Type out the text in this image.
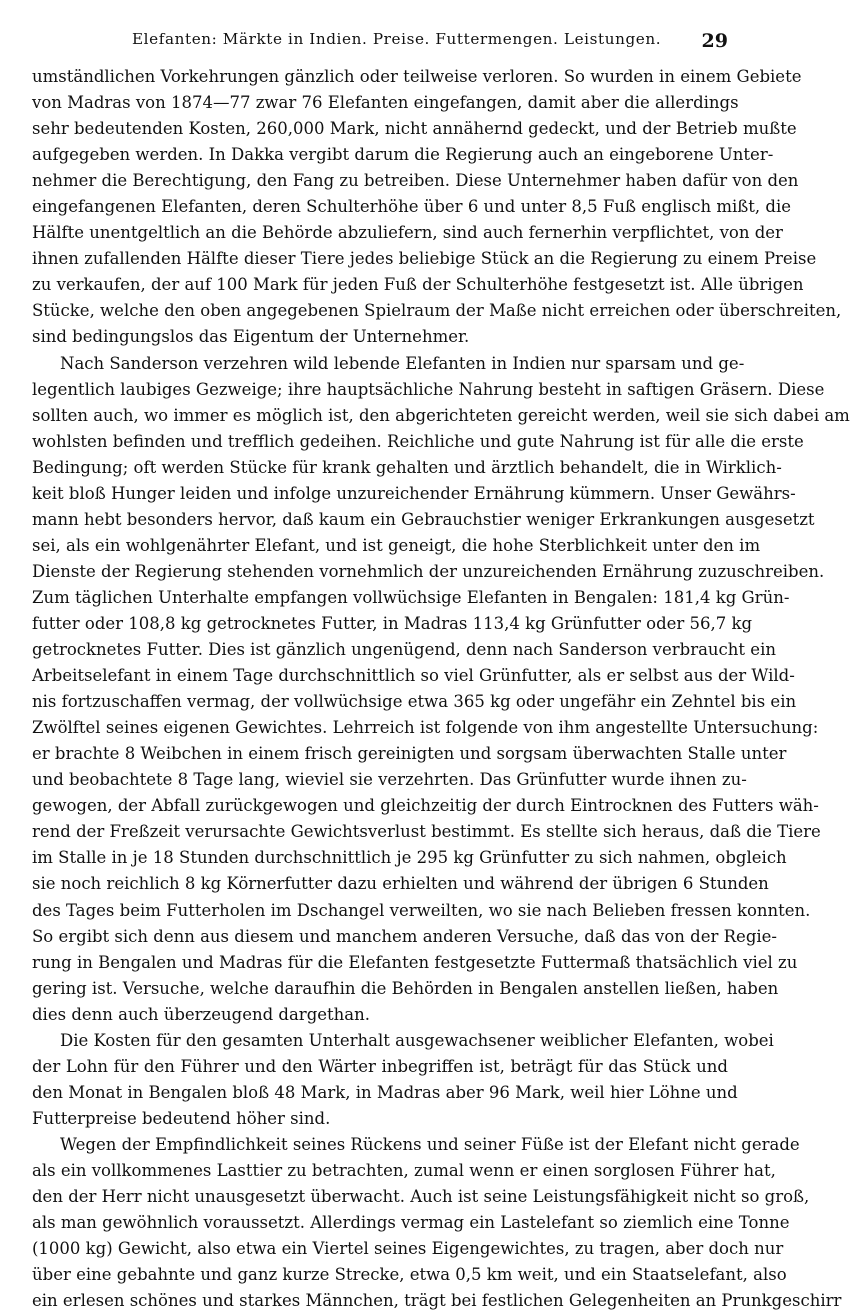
Elefanten: Märkte in Indien. Preise. Futtermengen. Leistungen. 29
umständlichen Vorkehrungen gänzlich oder teilweise verloren. So wurden in einem Gebiete
von Madras von 1874—77 zwar 76 Elefanten eingefangen, damit aber die allerdings
sehr bedeutenden Kosten, 260,000 Mark, nicht annähernd gedeckt, und der Betrieb mußte
aufgegeben werden. In Dakka vergibt darum die Regierung auch an eingeborene Unter-
nehmer die Berechtigung, den Fang zu betreiben. Diese Unternehmer haben dafür von den
eingefangenen Elefanten, deren Schulterhöhe über 6 und unter 8,5 Fuß englisch mißt, die
Hälfte unentgeltlich an die Behörde abzuliefern, sind auch fernerhin verpflichtet, von der
ihnen zufallenden Hälfte dieser Tiere jedes beliebige Stück an die Regierung zu einem Preise
zu verkaufen, der auf 100 Mark für jeden Fuß der Schulterhöhe festgesetzt ist. Alle übrigen
Stücke, welche den oben angegebenen Spielraum der Maße nicht erreichen oder überschreiten,
sind bedingungslos das Eigentum der Unternehmer.
Nach Sanderson verzehren wild lebende Elefanten in Indien nur sparsam und ge-
legentlich laubiges Gezweige; ihre hauptsächliche Nahrung besteht in saftigen Gräsern. Diese
sollten auch, wo immer es möglich ist, den abgerichteten gereicht werden, weil sie sich dabei am
wohlsten befinden und trefflich gedeihen. Reichliche und gute Nahrung ist für alle die erste
Bedingung; oft werden Stücke für krank gehalten und ärztlich behandelt, die in Wirklich-
keit bloß Hunger leiden und infolge unzureichender Ernährung kümmern. Unser Gewährs-
mann hebt besonders hervor, daß kaum ein Gebrauchstier weniger Erkrankungen ausgesetzt
sei, als ein wohlgenährter Elefant, und ist geneigt, die hohe Sterblichkeit unter den im
Dienste der Regierung stehenden vornehmlich der unzureichenden Ernährung zuzuschreiben.
Zum täglichen Unterhalte empfangen vollwüchsige Elefanten in Bengalen: 181,4 kg Grün-
futter oder 108,8 kg getrocknetes Futter, in Madras 113,4 kg Grünfutter oder 56,7 kg
getrocknetes Futter. Dies ist gänzlich ungenügend, denn nach Sanderson verbraucht ein
Arbeitselefant in einem Tage durchschnittlich so viel Grünfutter, als er selbst aus der Wild-
nis fortzuschaffen vermag, der vollwüchsige etwa 365 kg oder ungefähr ein Zehntel bis ein
Zwölftel seines eigenen Gewichtes. Lehrreich ist folgende von ihm angestellte Untersuchung:
er brachte 8 Weibchen in einem frisch gereinigten und sorgsam überwachten Stalle unter
und beobachtete 8 Tage lang, wieviel sie verzehrten. Das Grünfutter wurde ihnen zu-
gewogen, der Abfall zurückgewogen und gleichzeitig der durch Eintrocknen des Futters wäh-
rend der Freßzeit verursachte Gewichtsverlust bestimmt. Es stellte sich heraus, daß die Tiere
im Stalle in je 18 Stunden durchschnittlich je 295 kg Grünfutter zu sich nahmen, obgleich
sie noch reichlich 8 kg Körnerfutter dazu erhielten und während der übrigen 6 Stunden
des Tages beim Futterholen im Dschangel verweilten, wo sie nach Belieben fressen konnten.
So ergibt sich denn aus diesem und manchem anderen Versuche, daß das von der Regie-
rung in Bengalen und Madras für die Elefanten festgesetzte Futtermaß thatsächlich viel zu
gering ist. Versuche, welche daraufhin die Behörden in Bengalen anstellen ließen, haben
dies denn auch überzeugend dargethan.
Die Kosten für den gesamten Unterhalt ausgewachsener weiblicher Elefanten, wobei
der Lohn für den Führer und den Wärter inbegriffen ist, beträgt für das Stück und
den Monat in Bengalen bloß 48 Mark, in Madras aber 96 Mark, weil hier Löhne und
Futterpreise bedeutend höher sind.
Wegen der Empfindlichkeit seines Rückens und seiner Füße ist der Elefant nicht gerade
als ein vollkommenes Lasttier zu betrachten, zumal wenn er einen sorglosen Führer hat,
den der Herr nicht unausgesetzt überwacht. Auch ist seine Leistungsfähigkeit nicht so groß,
als man gewöhnlich voraussetzt. Allerdings vermag ein Lastelefant so ziemlich eine Tonne
(1000 kg) Gewicht, also etwa ein Viertel seines Eigengewichtes, zu tragen, aber doch nur
über eine gebahnte und ganz kurze Strecke, etwa 0,5 km weit, und ein Staatselefant, also
ein erlesen schönes und starkes Männchen, trägt bei festlichen Gelegenheiten an Prunkgeschirr
